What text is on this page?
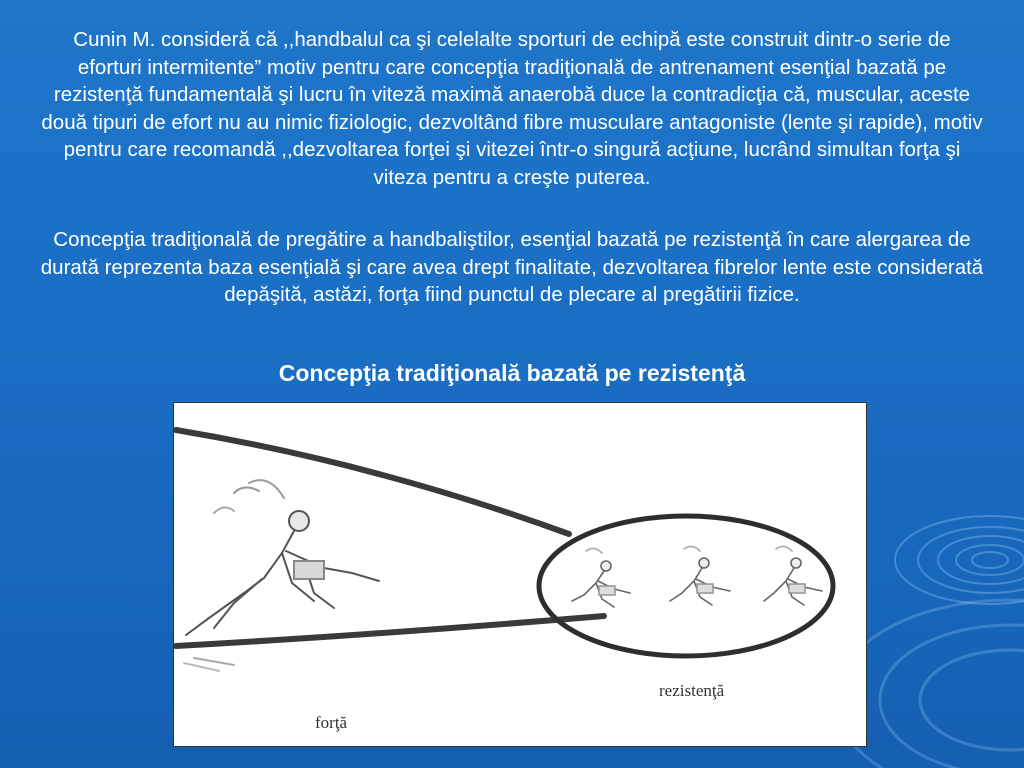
Cunin M. consideră că ,,handbalul ca şi celelalte sporturi de echipă este construit dintr-o serie de eforturi intermitente” motiv pentru care concepţia tradiţională de antrenament esenţial bazată pe rezistenţă fundamentală şi lucru în viteză maximă anaerobă duce la contradicţia că, muscular, aceste două tipuri de efort nu au nimic fiziologic, dezvoltând fibre musculare antagoniste (lente şi rapide), motiv pentru care recomandă ,,dezvoltarea forţei şi vitezei într-o singură acţiune, lucrând simultan forţa şi viteza pentru a creşte puterea.

Concepţia tradiţională de pregătire a handbaliştilor, esenţial bazată pe rezistenţă în care alergarea de durată reprezenta baza esenţială şi care avea drept finalitate, dezvoltarea fibrelor lente este considerată depăşită, astăzi, forţa fiind punctul de plecare al pregătirii fizice.

Concepţia tradiţională bazată pe rezistenţă
rezistenţă
forţă
